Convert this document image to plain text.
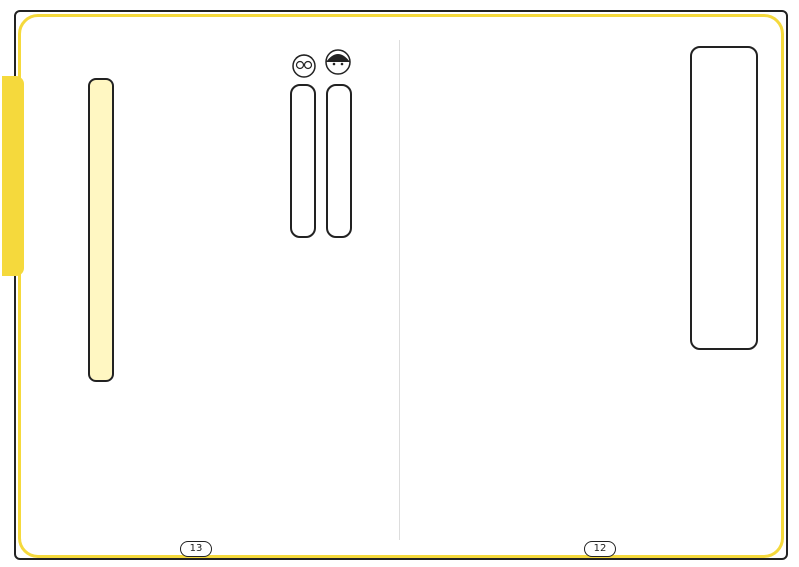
13	12
